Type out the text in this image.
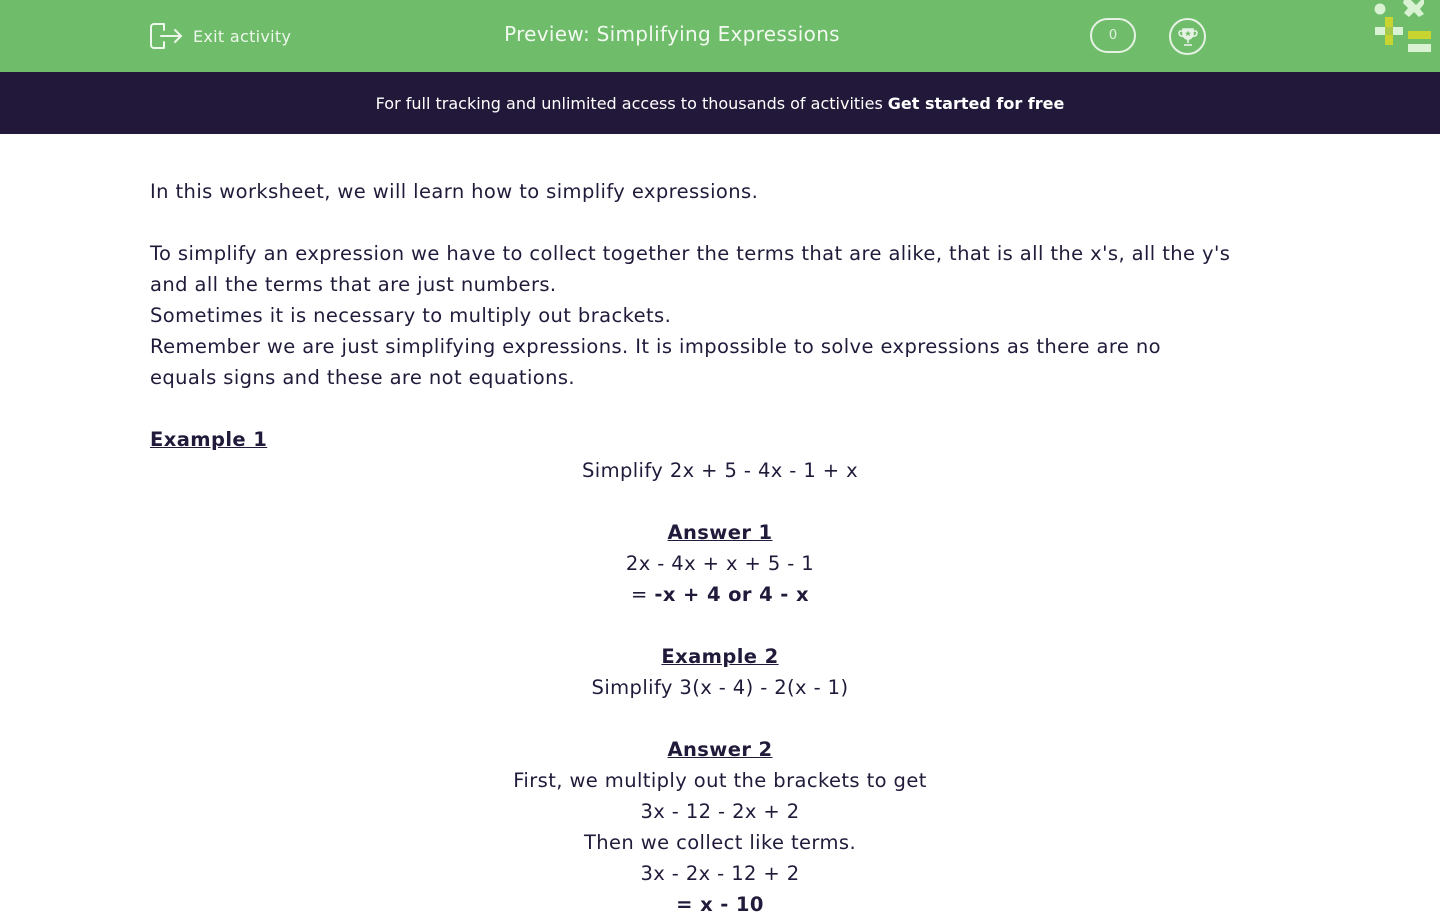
Exit activity	Preview: Simplifying Expressions	0
For full tracking and unlimited access to thousands of activities Get started for free

In this worksheet, we will learn how to simplify expressions.

To simplify an expression we have to collect together the terms that are alike, that is all the x's, all the y's

and all the terms that are just numbers.

Sometimes it is necessary to multiply out brackets.

Remember we are just simplifying expressions. It is impossible to solve expressions as there are no

equals signs and these are not equations.

Example 1

Simplify 2x + 5 - 4x - 1 + x

Answer 1

2x - 4x + x + 5 - 1

= -x + 4 or 4 - x

Example 2

Simplify 3(x - 4) - 2(x - 1)

Answer 2

First, we multiply out the brackets to get

3x - 12 - 2x + 2

Then we collect like terms.

3x - 2x - 12 + 2

= x - 10
